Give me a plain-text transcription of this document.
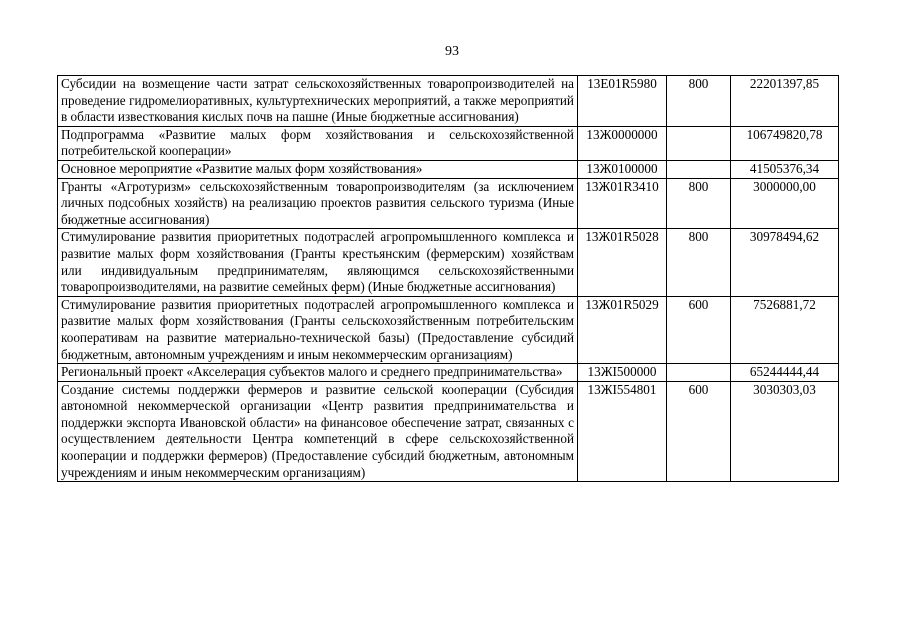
93
Субсидии на возмещение части затрат сельскохозяйственных товаропроизводителей на проведение гидромелиоративных, культуртехнических мероприятий, а также мероприятий в области известкования кислых почв на пашне (Иные бюджетные ассигнования)	13Е01R5980	800	22201397,85
Подпрограмма «Развитие малых форм хозяйствования и сельскохозяйственной потребительской кооперации»	13Ж0000000		106749820,78
Основное мероприятие «Развитие малых форм хозяйствования»	13Ж0100000		41505376,34
Гранты «Агротуризм» сельскохозяйственным товаропроизводителям (за исключением личных подсобных хозяйств) на реализацию проектов развития сельского туризма (Иные бюджетные ассигнования)	13Ж01R3410	800	3000000,00
Стимулирование развития приоритетных подотраслей агропромышленного комплекса и развитие малых форм хозяйствования (Гранты крестьянским (фермерским) хозяйствам или индивидуальным предпринимателям, являющимся сельскохозяйственными товаропроизводителями, на развитие семейных ферм) (Иные бюджетные ассигнования)	13Ж01R5028	800	30978494,62
Стимулирование развития приоритетных подотраслей агропромышленного комплекса и развитие малых форм хозяйствования (Гранты сельскохозяйственным потребительским кооперативам на развитие материально-технической базы) (Предоставление субсидий бюджетным, автономным учреждениям и иным некоммерческим организациям)	13Ж01R5029	600	7526881,72
Региональный проект «Акселерация субъектов малого и среднего предпринимательства»	13ЖI500000		65244444,44
Создание системы поддержки фермеров и развитие сельской кооперации (Субсидия автономной некоммерческой организации «Центр развития предпринимательства и поддержки экспорта Ивановской области» на финансовое обеспечение затрат, связанных с осуществлением деятельности Центра компетенций в сфере сельскохозяйственной кооперации и поддержки фермеров) (Предоставление субсидий бюджетным, автономным учреждениям и иным некоммерческим организациям)	13ЖI554801	600	3030303,03
